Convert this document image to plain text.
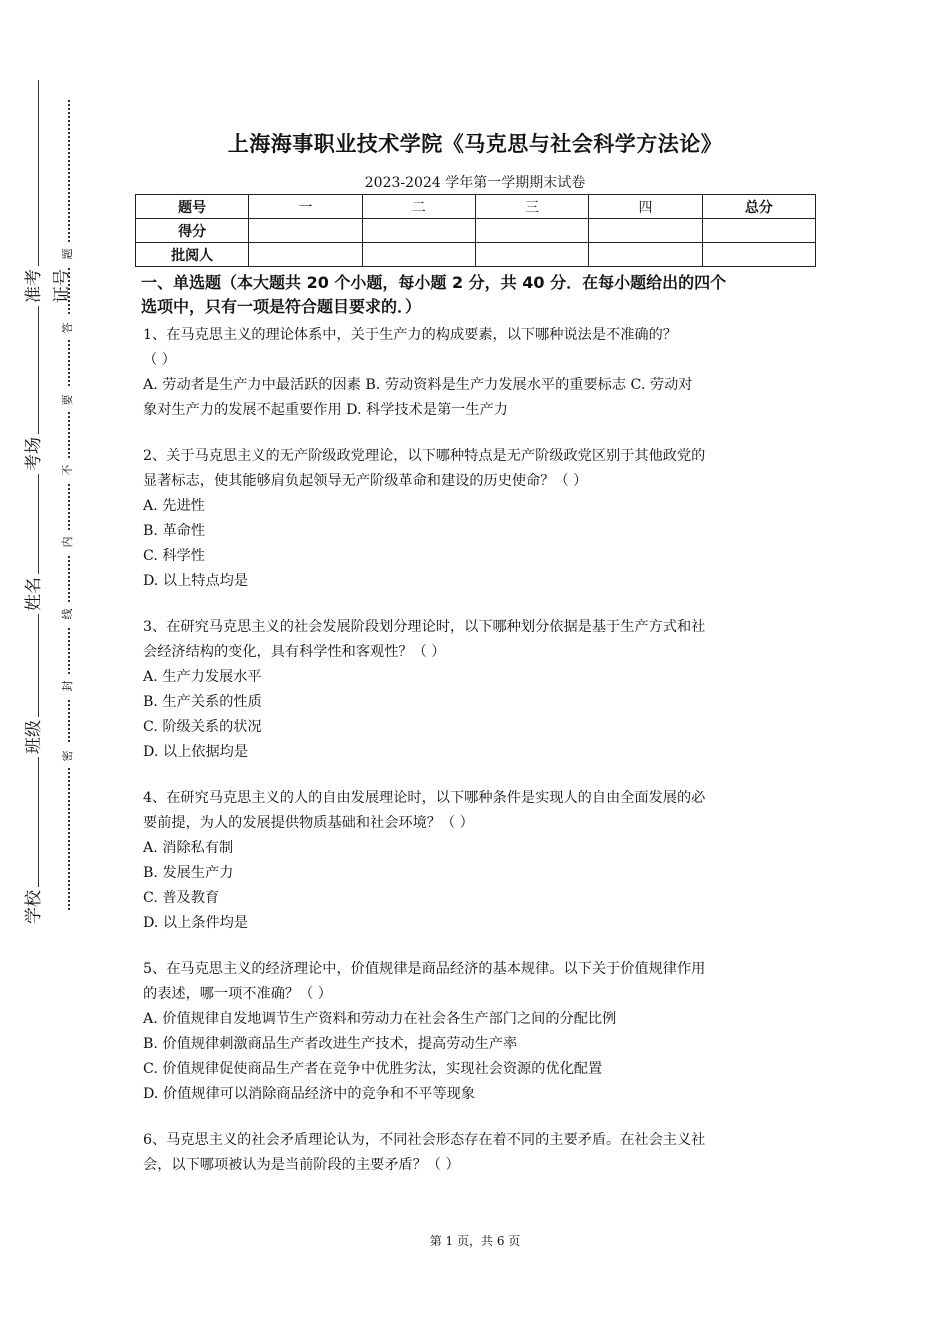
准考证号
考场
姓名
班级
学校
题
答
要
不
内
线
封
密
上海海事职业技术学院《马克思与社会科学方法论》
2023-2024 学年第一学期期末试卷
题号	一	二	三	四	总分
得分					
批阅人					
一、单选题（本大题共 20 个小题，每小题 2 分，共 40 分．在每小题给出的四个
选项中，只有一项是符合题目要求的．）

1、在马克思主义的理论体系中，关于生产力的构成要素，以下哪种说法是不准确的？

（ ）

A. 劳动者是生产力中最活跃的因素 B. 劳动资料是生产力发展水平的重要标志 C. 劳动对

象对生产力的发展不起重要作用 D. 科学技术是第一生产力

2、关于马克思主义的无产阶级政党理论，以下哪种特点是无产阶级政党区别于其他政党的

显著标志，使其能够肩负起领导无产阶级革命和建设的历史使命？（ ）

A. 先进性

B. 革命性

C. 科学性

D. 以上特点均是

3、在研究马克思主义的社会发展阶段划分理论时，以下哪种划分依据是基于生产方式和社

会经济结构的变化，具有科学性和客观性？（ ）

A. 生产力发展水平

B. 生产关系的性质

C. 阶级关系的状况

D. 以上依据均是

4、在研究马克思主义的人的自由发展理论时，以下哪种条件是实现人的自由全面发展的必

要前提，为人的发展提供物质基础和社会环境？（ ）

A. 消除私有制

B. 发展生产力

C. 普及教育

D. 以上条件均是

5、在马克思主义的经济理论中，价值规律是商品经济的基本规律。以下关于价值规律作用

的表述，哪一项不准确？（ ）

A. 价值规律自发地调节生产资料和劳动力在社会各生产部门之间的分配比例

B. 价值规律刺激商品生产者改进生产技术，提高劳动生产率

C. 价值规律促使商品生产者在竞争中优胜劣汰，实现社会资源的优化配置

D. 价值规律可以消除商品经济中的竞争和不平等现象

6、马克思主义的社会矛盾理论认为，不同社会形态存在着不同的主要矛盾。在社会主义社

会，以下哪项被认为是当前阶段的主要矛盾？（ ）

第 1 页，共 6 页
